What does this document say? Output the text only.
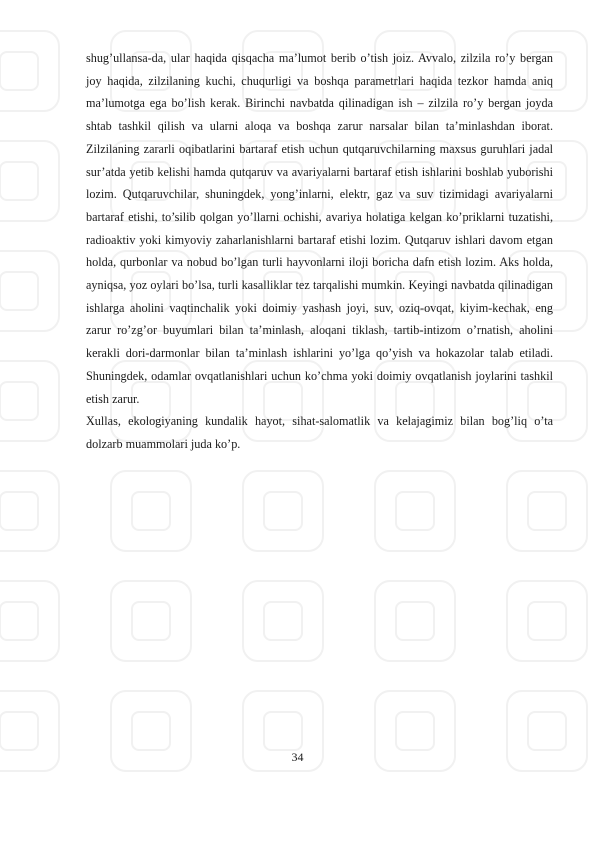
shug’ullansa-da, ular haqida qisqacha ma’lumot berib o’tish joiz. Avvalo, zilzila ro’y bergan joy haqida, zilzilaning kuchi, chuqurligi va boshqa parametrlari haqida tezkor hamda aniq ma’lumotga ega bo’lish kerak. Birinchi navbatda qilinadigan ish – zilzila ro’y bergan joyda shtab tashkil qilish va ularni aloqa va boshqa zarur narsalar bilan ta’minlashdan iborat. Zilzilaning zararli oqibatlarini bartaraf etish uchun qutqaruvchilarning maxsus guruhlari jadal sur’atda yetib kelishi hamda qutqaruv va avariyalarni bartaraf etish ishlarini boshlab yuborishi lozim. Qutqaruvchilar, shuningdek, yong’inlarni, elektr, gaz va suv tizimidagi avariyalarni bartaraf etishi, to’silib qolgan yo’llarni ochishi, avariya holatiga kelgan ko’priklarni tuzatishi, radioaktiv yoki kimyoviy zaharlanishlarni bartaraf etishi lozim. Qutqaruv ishlari davom etgan holda, qurbonlar va nobud bo’lgan turli hayvonlarni iloji boricha dafn etish lozim. Aks holda, ayniqsa, yoz oylari bo’lsa, turli kasalliklar tez tarqalishi mumkin. Keyingi navbatda qilinadigan ishlarga aholini vaqtinchalik yoki doimiy yashash joyi, suv, oziq-ovqat, kiyim-kechak, eng zarur ro’zg’or buyumlari bilan ta’minlash, aloqani tiklash, tartib-intizom o’rnatish, aholini kerakli dori-darmonlar bilan ta’minlash ishlarini yo’lga qo’yish va hokazolar talab etiladi. Shuningdek, odamlar ovqatlanishlari uchun ko’chma yoki doimiy ovqatlanish joylarini tashkil etish zarur.

Xullas, ekologiyaning kundalik hayot, sihat-salomatlik va kelajagimiz bilan bog’liq o’ta dolzarb muammolari juda ko’p.

34
